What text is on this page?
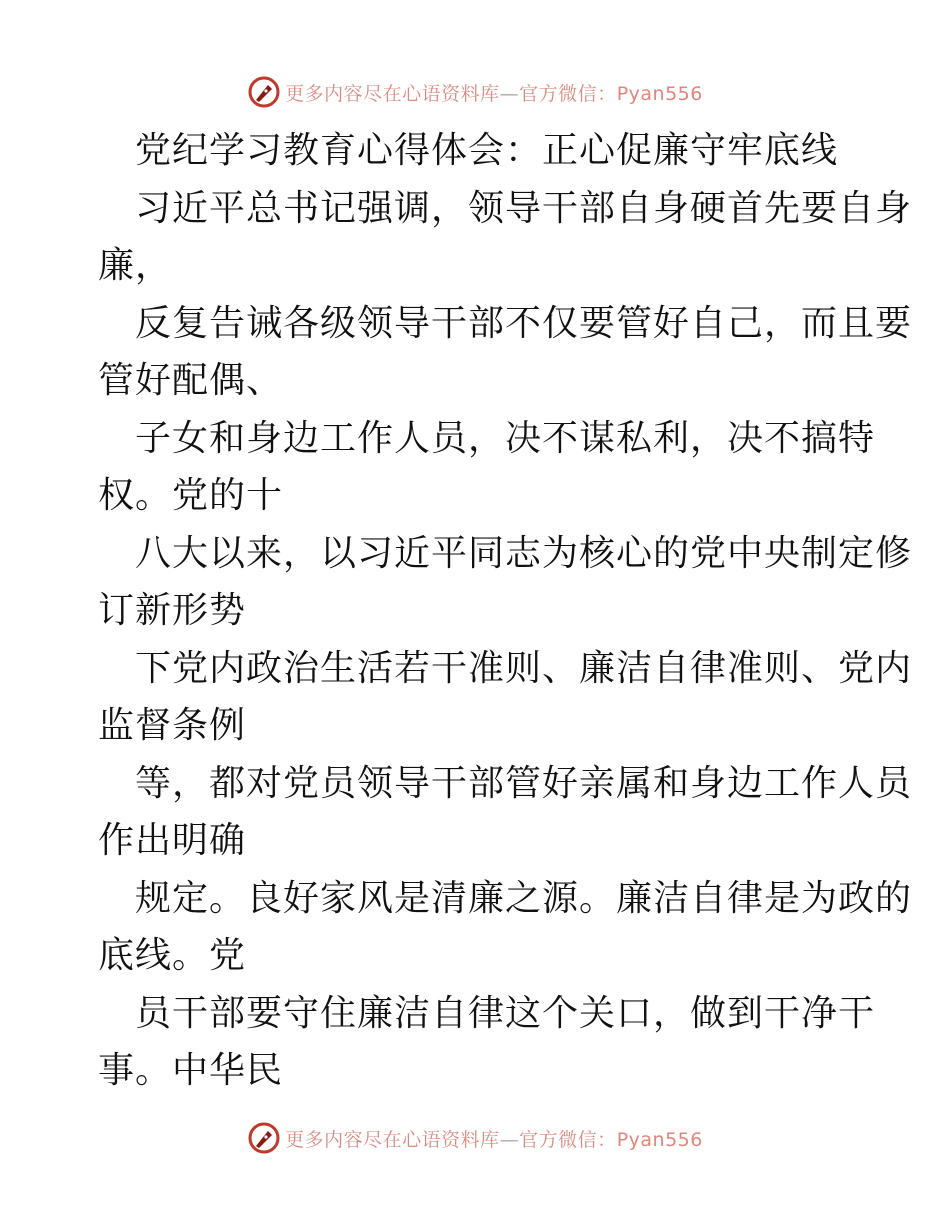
更多内容尽在心语资料库—官方微信：Pyan556
党纪学习教育心得体会：正心促廉守牢底线
习近平总书记强调，领导干部自身硬首先要自身
廉，
反复告诫各级领导干部不仅要管好自己，而且要
管好配偶、
子女和身边工作人员，决不谋私利，决不搞特
权。党的十
八大以来，以习近平同志为核心的党中央制定修
订新形势
下党内政治生活若干准则、廉洁自律准则、党内
监督条例
等，都对党员领导干部管好亲属和身边工作人员
作出明确
规定。良好家风是清廉之源。廉洁自律是为政的
底线。党
员干部要守住廉洁自律这个关口，做到干净干
事。中华民
更多内容尽在心语资料库—官方微信：Pyan556
